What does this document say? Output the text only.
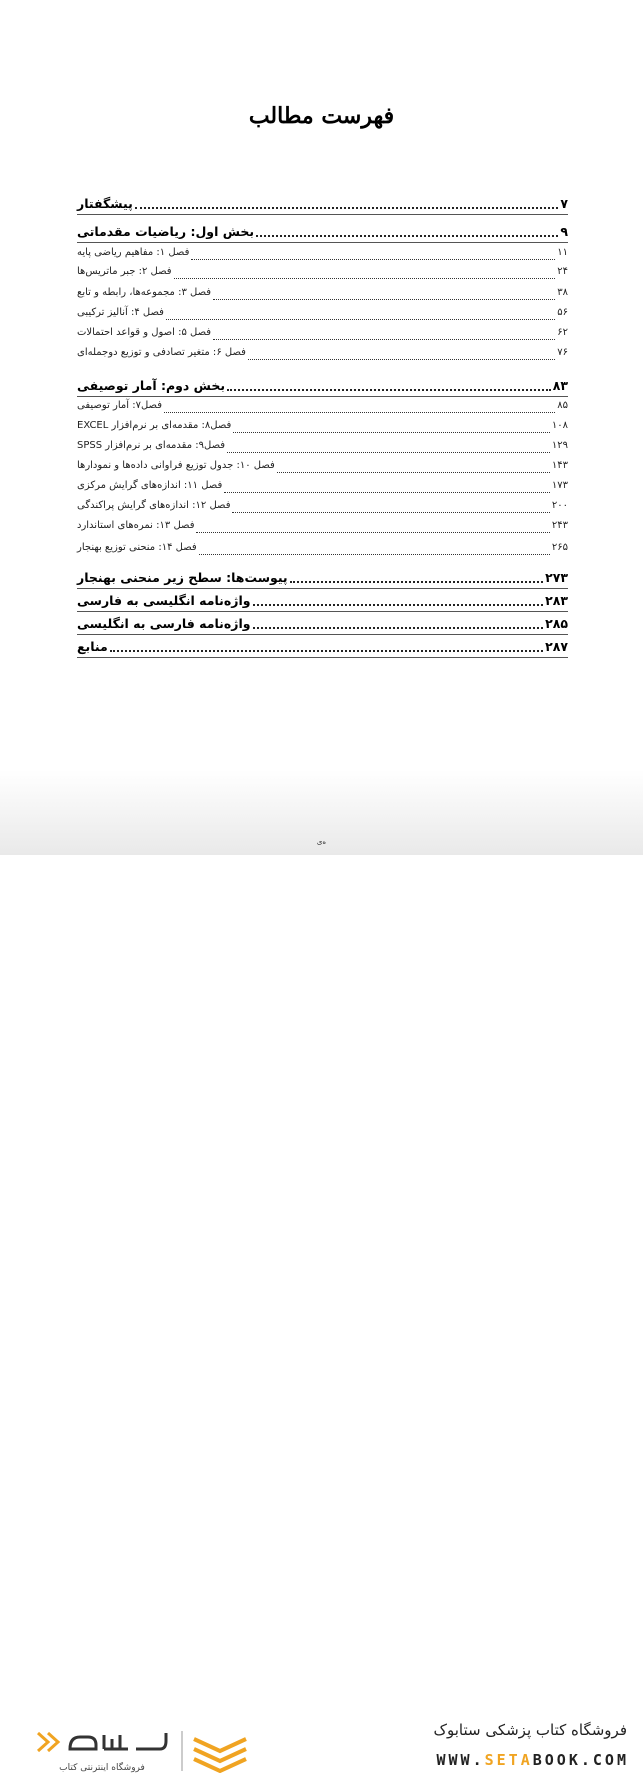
فهرست مطالب
پیشگفتار	۷
بخش اول: ریاضیات مقدماتی	۹
فصل ۱: مفاهیم ریاضی پایه	۱۱
فصل ۲: جبر ماتریس‌ها	۲۴
فصل ۳: مجموعه‌ها، رابطه و تابع	۳۸
فصل ۴: آنالیز ترکیبی	۵۶
فصل ۵: اصول و قواعد احتمالات	۶۲
فصل ۶: متغیر تصادفی و توزیع دوجمله‌ای	۷۶
بخش دوم: آمار توصیفی	۸۳
فصل۷: آمار توصیفی	۸۵
فصل۸: مقدمه‌ای بر نرم‌افزار EXCEL	۱۰۸
فصل۹: مقدمه‌ای بر نرم‌افزار SPSS	۱۲۹
فصل ۱۰: جدول توزیع فراوانی داده‌ها و نمودارها	۱۴۳
فصل ۱۱: اندازه‌های گرایش مرکزی	۱۷۳
فصل ۱۲: اندازه‌های گرایش پراکندگی	۲۰۰
فصل ۱۳: نمره‌های استاندارد	۲۴۳
فصل ۱۴: منحنی توزیع بهنجار	۲۶۵
پیوست‌ها: سطح زیر منحنی بهنجار	۲۷۳
واژه‌نامه انگلیسی به فارسی	۲۸۳
واژه‌نامه فارسی به انگلیسی	۲۸۵
منابع	۲۸۷
ه‌ی
فروشگاه اینترنتی کتاب
فروشگاه کتاب پزشکی ستابوک
WWW.SETABOOK.COM
